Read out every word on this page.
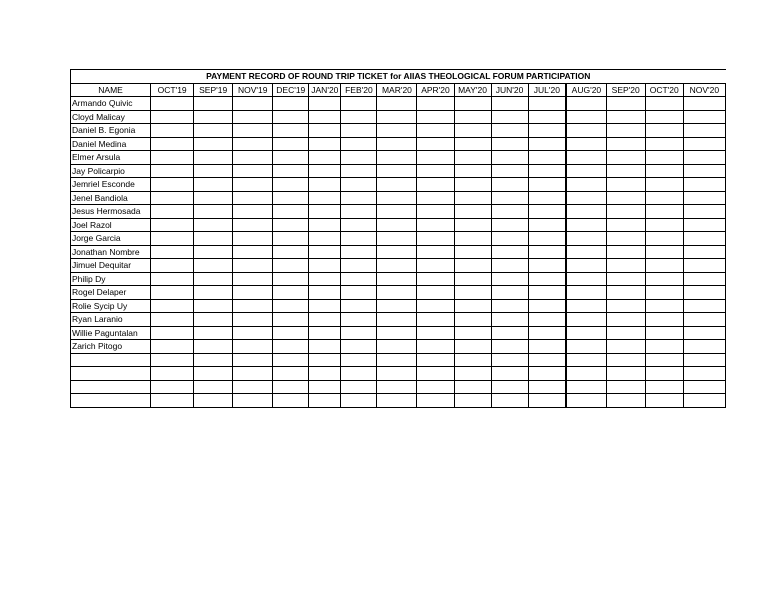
PAYMENT RECORD OF ROUND TRIP TICKET for AIIAS THEOLOGICAL FORUM PARTICIPATION															
NAME	OCT'19	SEP'19	NOV'19	DEC'19	JAN'20	FEB'20	MAR'20	APR'20	MAY'20	JUN'20	JUL'20	AUG'20	SEP'20	OCT'20	NOV'20
Armando Quivic															
Cloyd Malicay															
Daniel B. Egonia															
Daniel Medina															
Elmer Arsula															
Jay Policarpio															
Jemriel Esconde															
Jenel Bandiola															
Jesus Hermosada															
Joel Razol															
Jorge Garcia															
Jonathan Nombre															
Jimuel Dequitar															
Philip Dy															
Rogel Delaper															
Rolie Sycip Uy															
Ryan Laranio															
Willie Paguntalan															
Zarich Pitogo															
